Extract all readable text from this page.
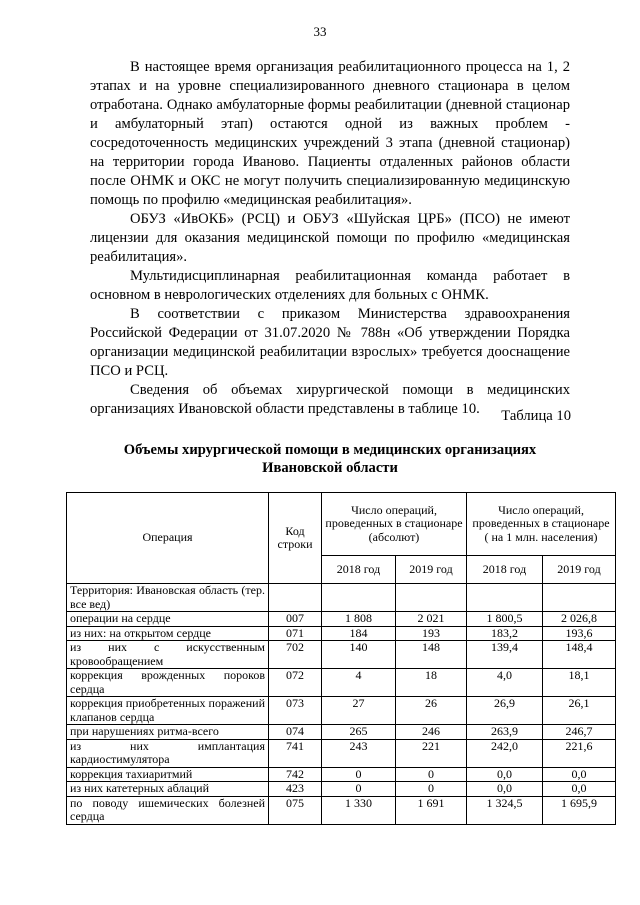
33

В настоящее время организация реабилитационного процесса на 1, 2 этапах и на уровне специализированного дневного стационара в целом отработана. Однако амбулаторные формы реабилитации (дневной стационар и амбулаторный этап) остаются одной из важных проблем - сосредоточенность медицинских учреждений 3 этапа (дневной стационар) на территории города Иваново. Пациенты отдаленных районов области после ОНМК и ОКС не могут получить специализированную медицинскую помощь по профилю «медицинская реабилитация».

ОБУЗ «ИвОКБ» (РСЦ) и ОБУЗ «Шуйская ЦРБ» (ПСО) не имеют лицензии для оказания медицинской помощи по профилю «медицинская реабилитация».

Мультидисциплинарная реабилитационная команда работает в основном в неврологических отделениях для больных с ОНМК.

В соответствии с приказом Министерства здравоохранения Российской Федерации от 31.07.2020 № 788н «Об утверждении Порядка организации медицинской реабилитации взрослых» требуется дооснащение ПСО и РСЦ.

Сведения об объемах хирургической помощи в медицинских организациях Ивановской области представлены в таблице 10.	Таблица 10
Объемы хирургической помощи в медицинских организациях Ивановской области
Операция	Код строки	Число операций, проведенных в стационаре (абсолют)		Число операций, проведенных в стационаре ( на 1 млн. населения)	
		2018 год	2019 год	2018 год	2019 год
Территория: Ивановская область (тер. все вед)					
операции на сердце	007	1 808	2 021	1 800,5	2 026,8
из них: на открытом сердце	071	184	193	183,2	193,6
из них с искусственным кровообращением	702	140	148	139,4	148,4
коррекция врожденных пороков сердца	072	4	18	4,0	18,1
коррекция приобретенных поражений клапанов сердца	073	27	26	26,9	26,1
при нарушениях ритма-всего	074	265	246	263,9	246,7
из них имплантация кардиостимулятора	741	243	221	242,0	221,6
коррекция тахиаритмий	742	0	0	0,0	0,0
из них катетерных аблаций	423	0	0	0,0	0,0
по поводу ишемических болезней сердца	075	1 330	1 691	1 324,5	1 695,9
